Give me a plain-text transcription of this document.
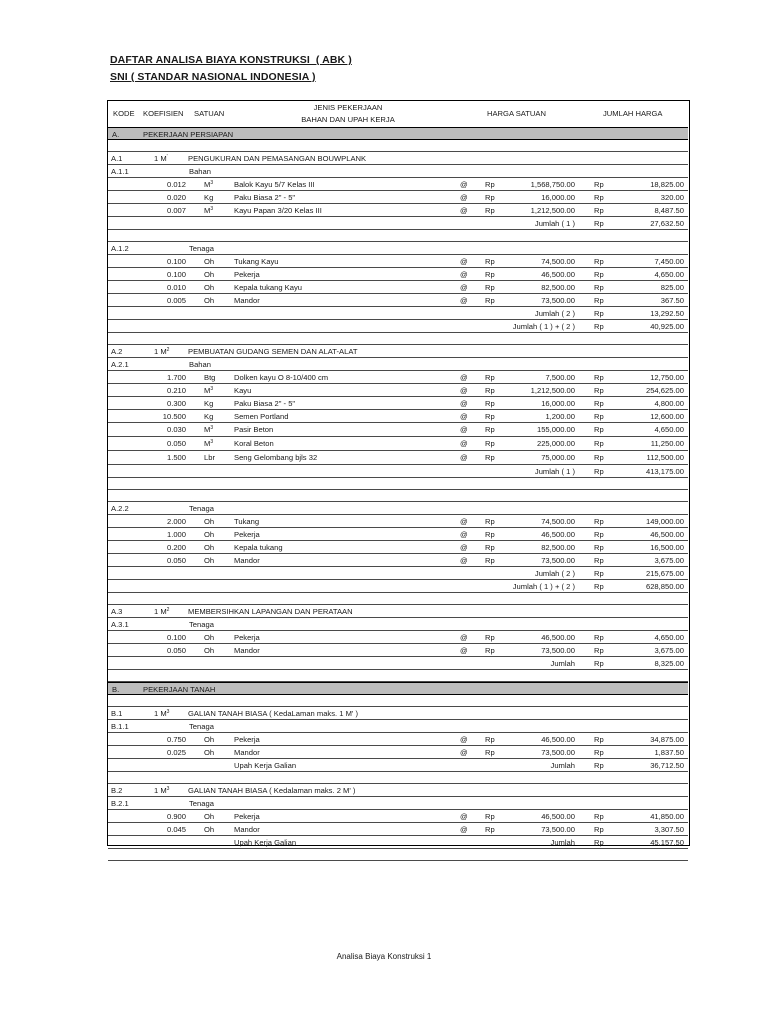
DAFTAR ANALISA BIAYA KONSTRUKSI  ( ABK )
SNI ( STANDAR NASIONAL INDONESIA )
KODE KOEFISIEN SATUAN
JENIS PEKERJAAN
BAHAN DAN UPAH KERJA
HARGA SATUAN	JUMLAH HARGA
A.	PEKERJAAN PERSIAPAN
A.1	1 M'	PENGUKURAN DAN PEMASANGAN BOUWPLANK
A.1.1	Bahan
0.012 $M^3$	Balok Kayu 5/7 Kelas III	@ Rp	1,568,750.00	Rp	18,825.00
0.020 Kg	Paku Biasa 2" - 5"	@ Rp	16,000.00	Rp	320.00
0.007 $M^3$	Kayu Papan 3/20 Kelas III	@ Rp	1,212,500.00	Rp	8,487.50
Jumlah ( 1 )	Rp	27,632.50
A.1.2	Tenaga
0.100 Oh	Tukang Kayu	@ Rp	74,500.00	Rp	7,450.00
0.100 Oh	Pekerja	@ Rp	46,500.00	Rp	4,650.00
0.010 Oh	Kepala tukang Kayu	@ Rp	82,500.00	Rp	825.00
0.005 Oh	Mandor	@ Rp	73,500.00	Rp	367.50
Jumlah ( 2 )	Rp	13,292.50
Jumlah ( 1 ) + ( 2 )	Rp	40,925.00
A.2	1 $M^2$ PEMBUATAN GUDANG SEMEN DAN ALAT-ALAT
A.2.1	Bahan
1.700 Btg Dolken kayu O 8-10/400 cm	@ Rp	7,500.00	Rp	12,750.00
0.210 $M^3$	Kayu	@ Rp	1,212,500.00	Rp	254,625.00
0.300 Kg	Paku Biasa 2" - 5"	@ Rp	16,000.00	Rp	4,800.00
10.500 Kg	Semen Portland	@ Rp	1,200.00	Rp	12,600.00
0.030 $M^3$	Pasir Beton	@ Rp	155,000.00	Rp	4,650.00
0.050 $M^3$	Koral Beton	@ Rp	225,000.00	Rp	11,250.00
1.500 Lbr	Seng Gelombang bjls 32	@ Rp	75,000.00	Rp	112,500.00
Jumlah ( 1 )	Rp	413,175.00
A.2.2	Tenaga
2.000 Oh	Tukang	@ Rp	74,500.00	Rp	149,000.00
1.000 Oh	Pekerja	@ Rp	46,500.00	Rp	46,500.00
0.200 Oh	Kepala tukang	@ Rp	82,500.00	Rp	16,500.00
0.050 Oh	Mandor	@ Rp	73,500.00	Rp	3,675.00
Jumlah ( 2 )	Rp	215,675.00
Jumlah ( 1 ) + ( 2 )	Rp	628,850.00
A.3	1 $M^2$ MEMBERSIHKAN LAPANGAN DAN PERATAAN
A.3.1	Tenaga
0.100 Oh	Pekerja	@ Rp	46,500.00	Rp	4,650.00
0.050 Oh	Mandor	@ Rp	73,500.00	Rp	3,675.00
Jumlah	Rp	8,325.00
B.	PEKERJAAN TANAH
B.1	1 $M^3$ GALIAN TANAH BIASA ( KedaLaman maks. 1 M' )
B.1.1	Tenaga
0.750 Oh	Pekerja	@ Rp	46,500.00	Rp	34,875.00
0.025 Oh	Mandor	@ Rp	73,500.00	Rp	1,837.50
Upah Kerja Galian	Jumlah	Rp	36,712.50
B.2	1 $M^3$ GALIAN TANAH BIASA ( Kedalaman maks. 2 M' )
B.2.1	Tenaga
0.900 Oh	Pekerja	@ Rp	46,500.00	Rp	41,850.00
0.045 Oh	Mandor	@ Rp	73,500.00	Rp	3,307.50
Upah Kerja Galian	Jumlah	Rp	45,157.50
Analisa Biaya Konstruksi 1
